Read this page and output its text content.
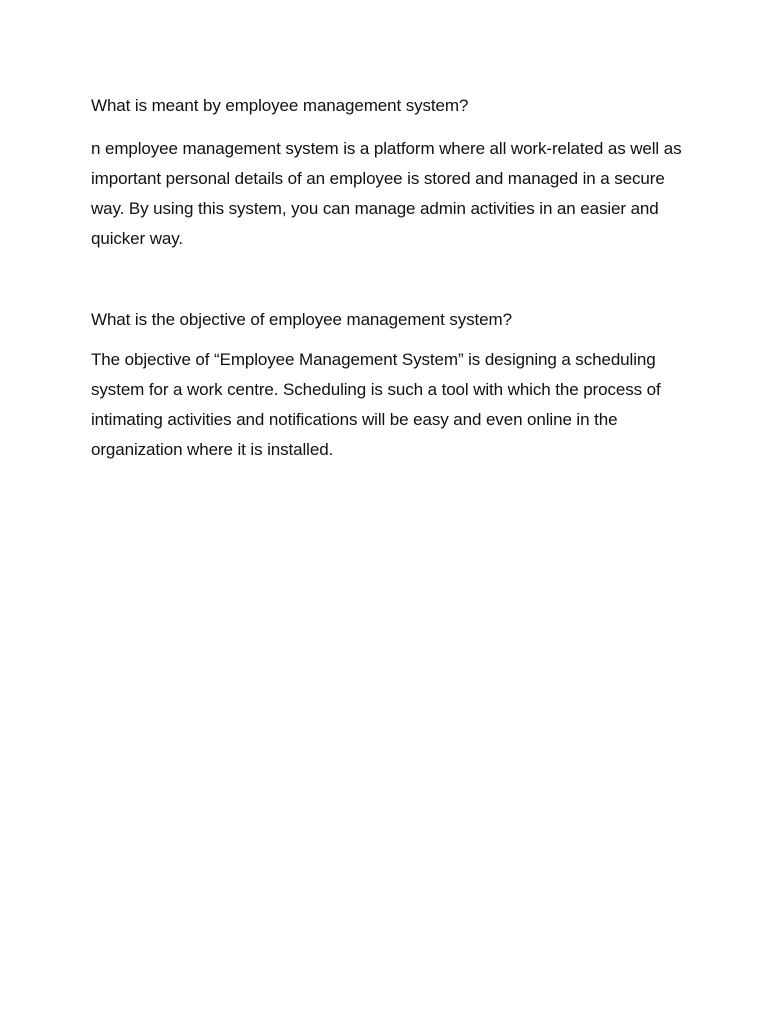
What is meant by employee management system?

n employee management system is a platform where all work-related as well as important personal details of an employee is stored and managed in a secure way. By using this system, you can manage admin activities in an easier and quicker way.

What is the objective of employee management system?

The objective of “Employee Management System” is designing a scheduling system for a work centre. Scheduling is such a tool with which the process of intimating activities and notifications will be easy and even online in the organization where it is installed.
